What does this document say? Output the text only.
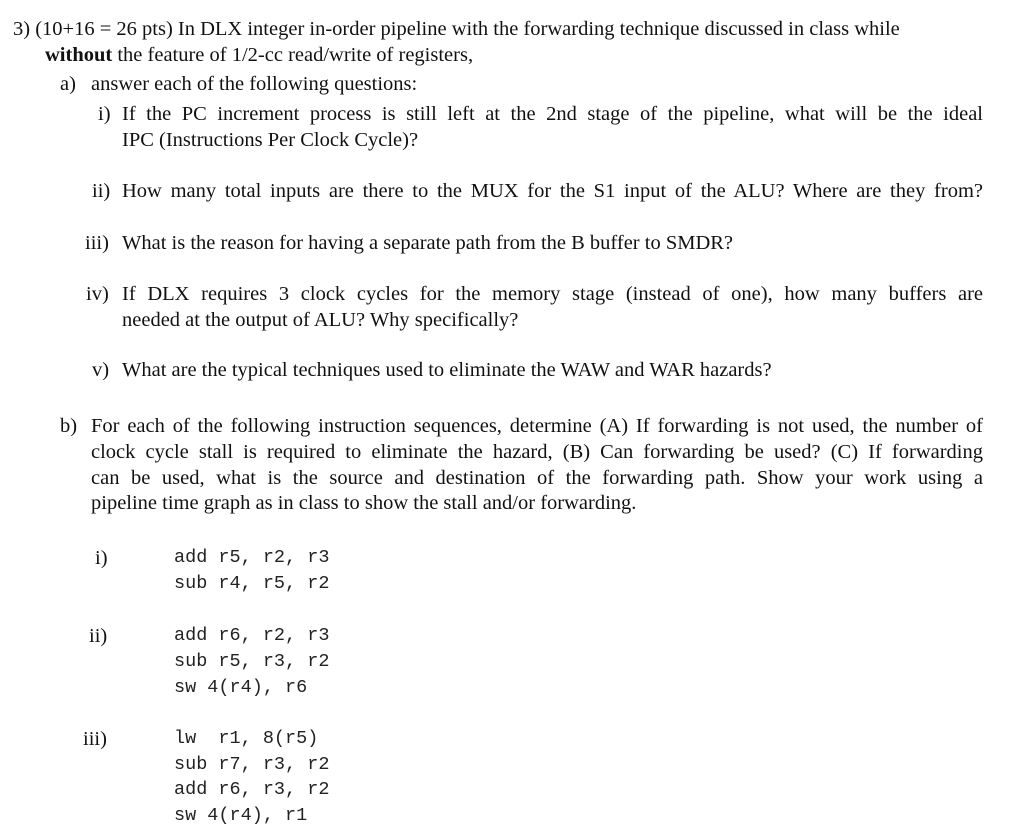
3) (10+16 = 26 pts) In DLX integer in-order pipeline with the forwarding technique discussed in class while
without the feature of 1/2-cc read/write of registers,
a) answer each of the following questions:
i) If the PC increment process is still left at the 2nd stage of the pipeline, what will be the ideal
IPC (Instructions Per Clock Cycle)?
ii) How many total inputs are there to the MUX for the S1 input of the ALU? Where are they from?
iii) What is the reason for having a separate path from the B buffer to SMDR?
iv) If DLX requires 3 clock cycles for the memory stage (instead of one), how many buffers are
needed at the output of ALU? Why specifically?
v) What are the typical techniques used to eliminate the WAW and WAR hazards?
b) For each of the following instruction sequences, determine (A) If forwarding is not used, the number of
clock cycle stall is required to eliminate the hazard, (B) Can forwarding be used? (C) If forwarding
can be used, what is the source and destination of the forwarding path. Show your work using a
pipeline time graph as in class to show the stall and/or forwarding.
i)	add r5, r2, r3
sub r4, r5, r2
ii)	add r6, r2, r3
sub r5, r3, r2
sw 4(r4), r6
iii)	lw  r1, 8(r5)
sub r7, r3, r2
add r6, r3, r2
sw 4(r4), r1
